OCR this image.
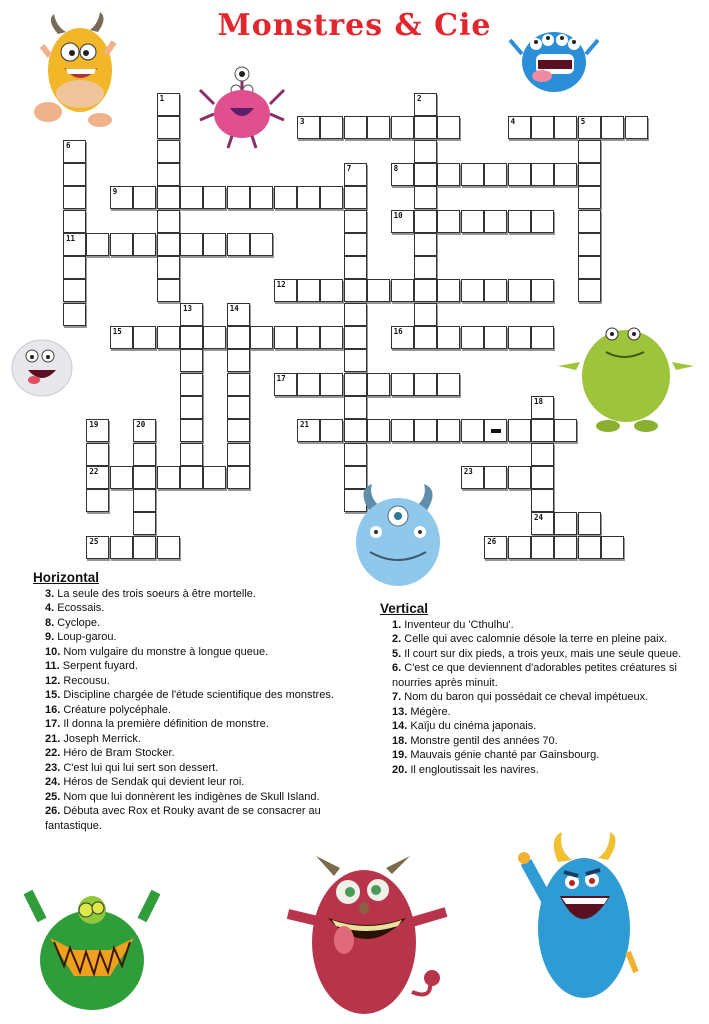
Monstres & Cie
1	2
3	4	5
6
11
7	8
9
10
12
13	14
15	16
17
18
24
19
22
20	21
23
25	26
Horizontal
3. La seule des trois soeurs à être mortelle.
4. Ecossais.
8. Cyclope.
9. Loup-garou.
10. Nom vulgaire du monstre à longue queue.
11. Serpent fuyard.
12. Recousu.
15. Discipline chargée de l'étude scientifique des monstres.
16. Créature polycéphale.
17. Il donna la première définition de monstre.
21. Joseph Merrick.
22. Héro de Bram Stocker.
23. C'est lui qui lui sert son dessert.
24. Héros de Sendak qui devient leur roi.
25. Nom que lui donnèrent les indigènes de Skull Island.
26. Débuta avec Rox et Rouky avant de se consacrer au fantastique.
Vertical
1. Inventeur du 'Cthulhu'.
2. Celle qui avec calomnie désole la terre en pleine paix.
5. Il court sur dix pieds, a trois yeux, mais une seule queue.
6. C'est ce que deviennent d'adorables petites créatures si nourries après minuit.
7. Nom du baron qui possédait ce cheval impétueux.
13. Mégère.
14. Kaïju du cinéma japonais.
18. Monstre gentil des années 70.
19. Mauvais génie chanté par Gainsbourg.
20. Il engloutissait les navires.
